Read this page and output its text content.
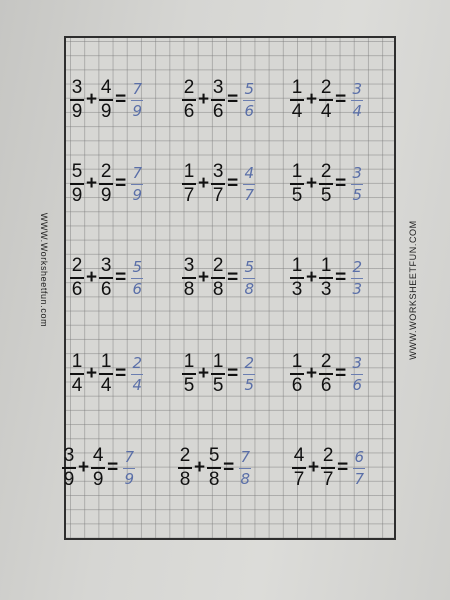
WWW.Worksheetfun.com	WWW.WORKSHEETFUN.COM
$\frac{3}{9} + \frac{4}{9} = \frac{7}{9} \frac{2}{6} + \frac{3}{6} = \frac{5}{6} \frac{1}{4} + \frac{2}{4} = \frac{3}{4}$
$\frac{5}{9} + \frac{2}{9} = \frac{7}{9} \frac{1}{7} + \frac{3}{7} = \frac{4}{7} \frac{1}{5} + \frac{2}{5} = \frac{3}{5}$
$\frac{2}{6} + \frac{3}{6} = \frac{5}{6} \frac{3}{8} + \frac{2}{8} = \frac{5}{8} \frac{1}{3} + \frac{1}{3} = \frac{2}{3}$
$\frac{1}{4} + \frac{1}{4} = \frac{2}{4} \frac{1}{5} + \frac{1}{5} = \frac{2}{5} \frac{1}{6} + \frac{2}{6} = \frac{3}{6}$
$\frac{3}{9} + \frac{4}{9} = \frac{7}{9} \frac{2}{8} + \frac{5}{8} = \frac{7}{8} \frac{4}{7} + \frac{2}{7} = \frac{6}{7}$
